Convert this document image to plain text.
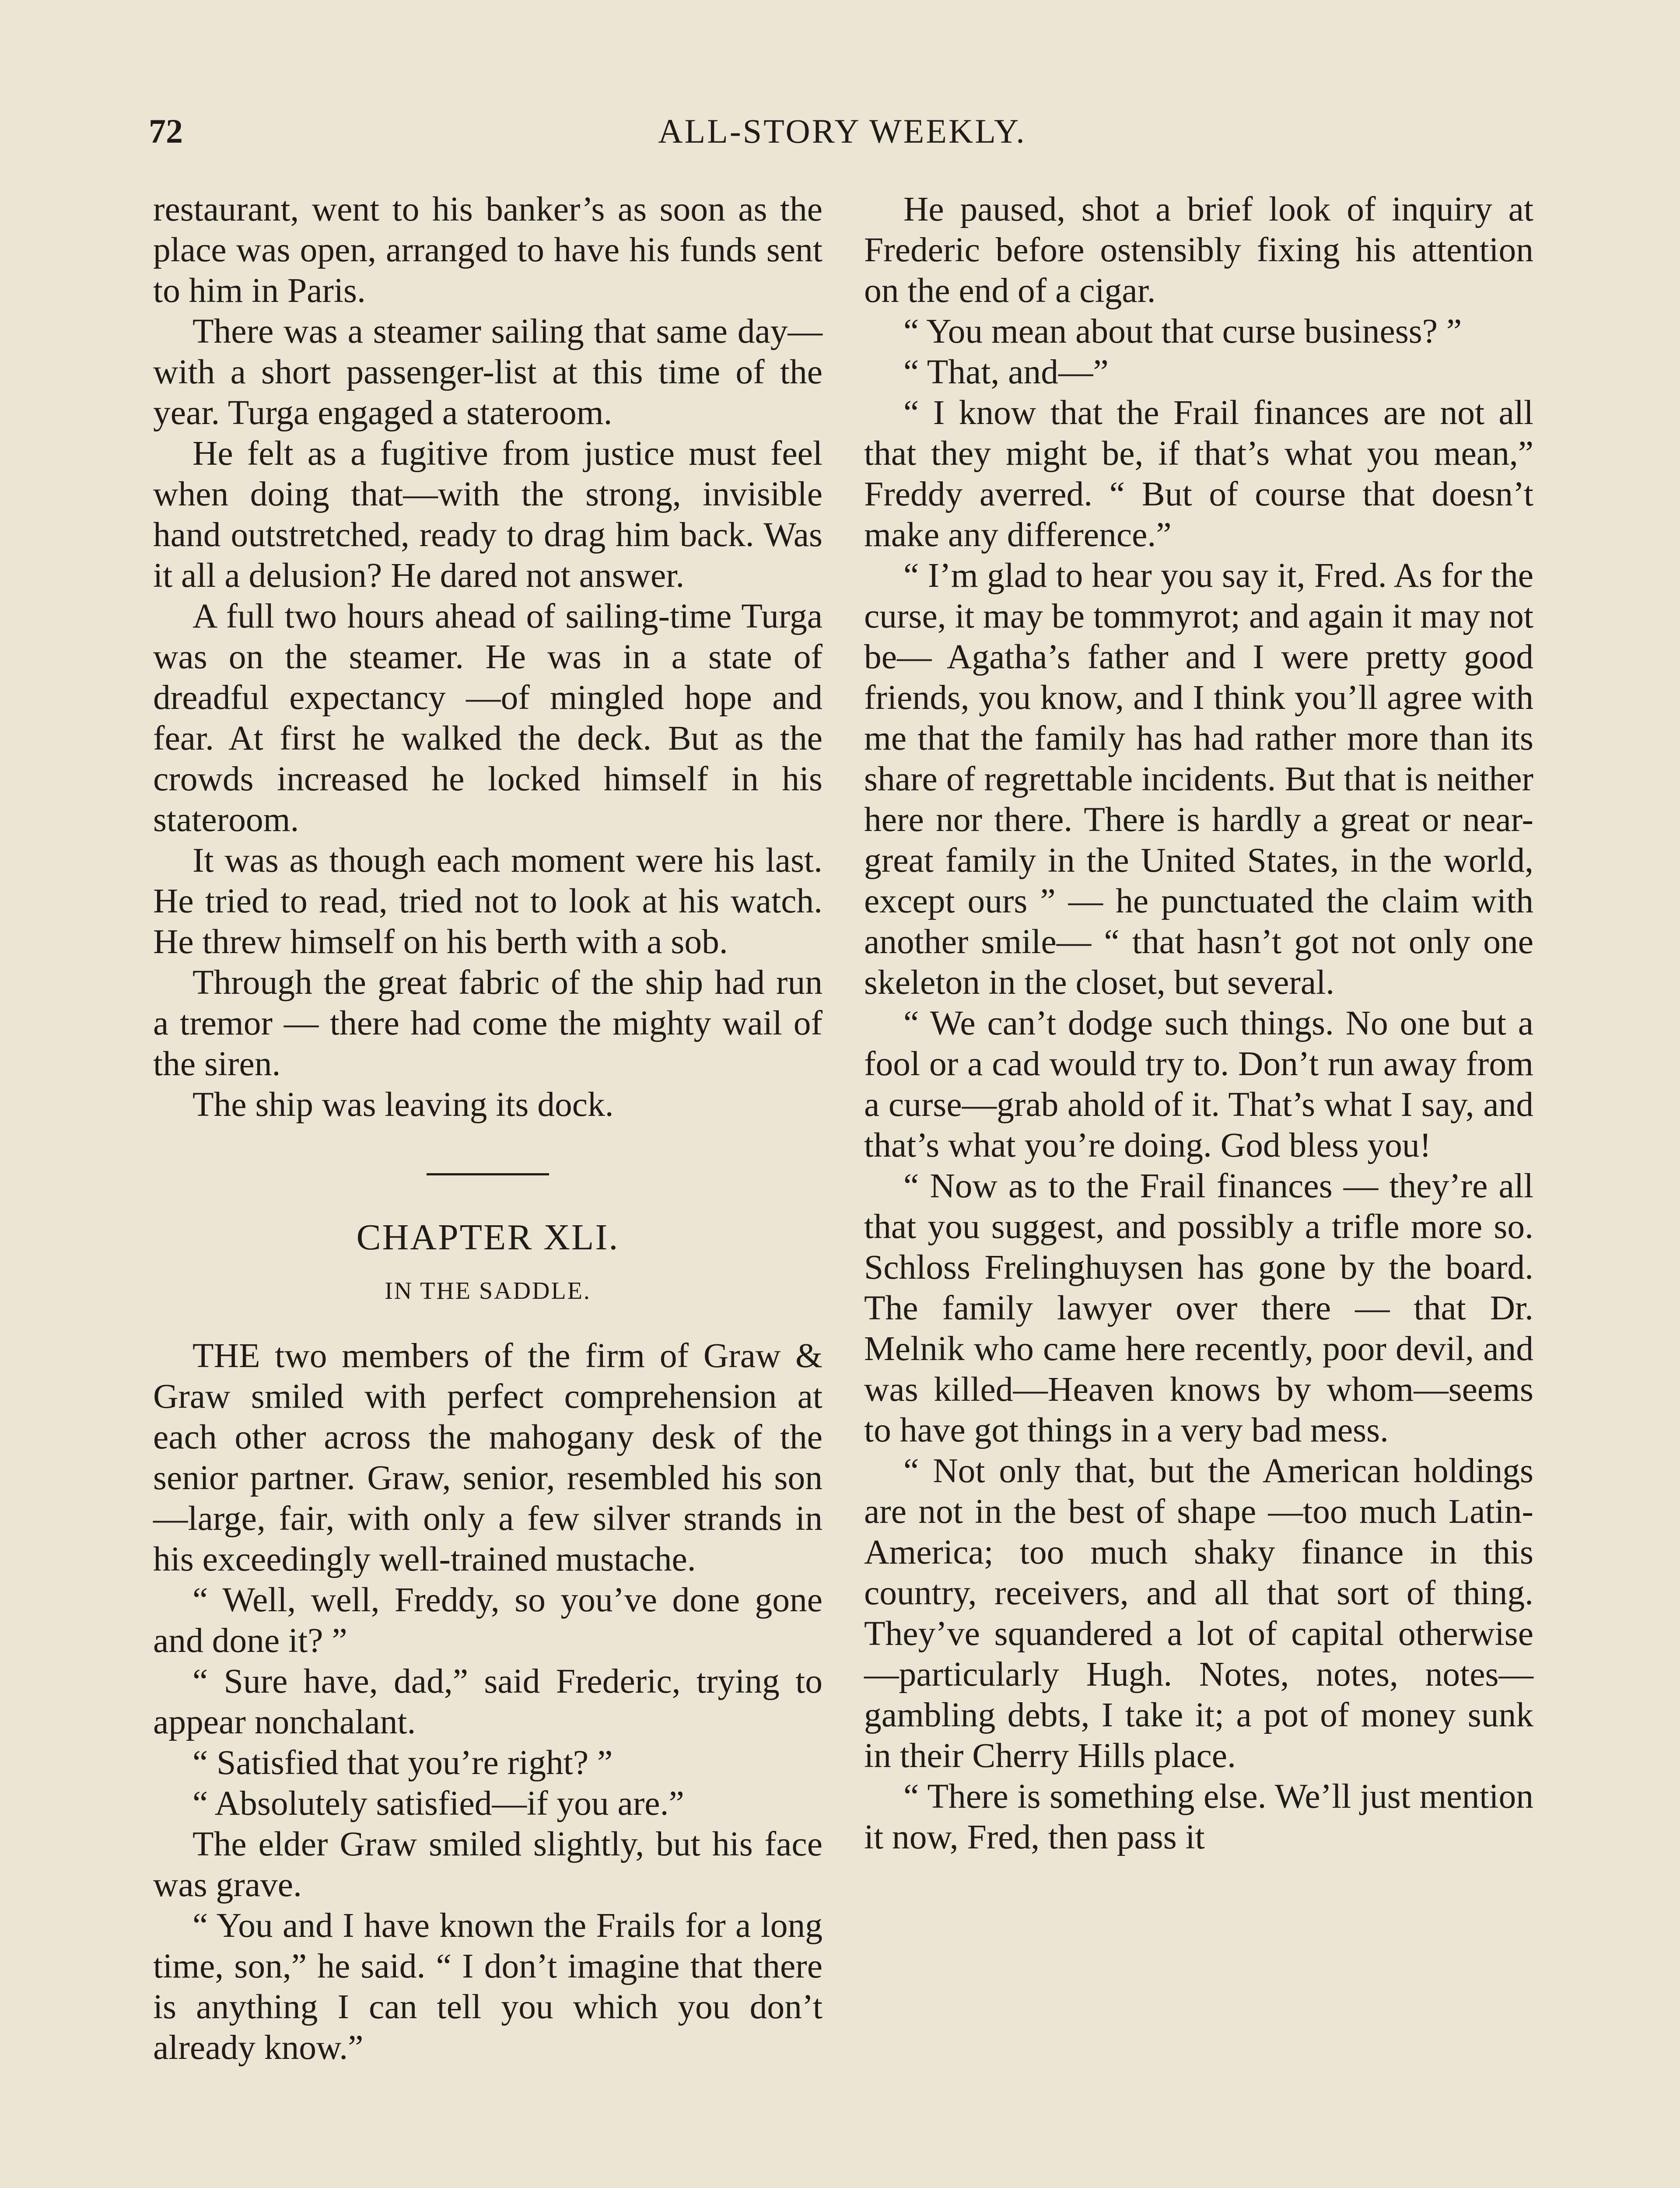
72	ALL-STORY WEEKLY.

restaurant, went to his banker’s as soon as the place was open, arranged to have his funds sent to him in Paris.

There was a steamer sailing that same day—with a short passenger-list at this time of the year. Turga engaged a stateroom.

He felt as a fugitive from justice must feel when doing that—with the strong, invisible hand outstretched, ready to drag him back. Was it all a delusion? He dared not answer.

A full two hours ahead of sailing-time Turga was on the steamer. He was in a state of dreadful expectancy —of mingled hope and fear. At first he walked the deck. But as the crowds increased he locked himself in his stateroom.

It was as though each moment were his last. He tried to read, tried not to look at his watch. He threw himself on his berth with a sob.

Through the great fabric of the ship had run a tremor — there had come the mighty wail of the siren.

The ship was leaving its dock.

CHAPTER XLI.
IN THE SADDLE.

THE two members of the firm of Graw & Graw smiled with perfect comprehension at each other across the mahogany desk of the senior partner. Graw, senior, resembled his son —large, fair, with only a few silver strands in his exceedingly well-trained mustache.

“ Well, well, Freddy, so you’ve done gone and done it? ”

“ Sure have, dad,” said Frederic, trying to appear nonchalant.

“ Satisfied that you’re right? ”

“ Absolutely satisfied—if you are.”

The elder Graw smiled slightly, but his face was grave.

“ You and I have known the Frails for a long time, son,” he said. “ I don’t imagine that there is anything I can tell you which you don’t already know.”

He paused, shot a brief look of inquiry at Frederic before ostensibly fixing his attention on the end of a cigar.

“ You mean about that curse business? ”

“ That, and—”

“ I know that the Frail finances are not all that they might be, if that’s what you mean,” Freddy averred. “ But of course that doesn’t make any difference.”

“ I’m glad to hear you say it, Fred. As for the curse, it may be tommyrot; and again it may not be— Agatha’s father and I were pretty good friends, you know, and I think you’ll agree with me that the family has had rather more than its share of regrettable incidents. But that is neither here nor there. There is hardly a great or near-great family in the United States, in the world, except ours ” — he punctuated the claim with another smile— “ that hasn’t got not only one skeleton in the closet, but several.

“ We can’t dodge such things. No one but a fool or a cad would try to. Don’t run away from a curse—grab ahold of it. That’s what I say, and that’s what you’re doing. God bless you!

“ Now as to the Frail finances — they’re all that you suggest, and possibly a trifle more so. Schloss Frelinghuysen has gone by the board. The family lawyer over there — that Dr. Melnik who came here recently, poor devil, and was killed—Heaven knows by whom—seems to have got things in a very bad mess.

“ Not only that, but the American holdings are not in the best of shape —too much Latin-America; too much shaky finance in this country, receivers, and all that sort of thing. They’ve squandered a lot of capital otherwise—particularly Hugh. Notes, notes, notes—gambling debts, I take it; a pot of money sunk in their Cherry Hills place.

“ There is something else. We’ll just mention it now, Fred, then pass it
